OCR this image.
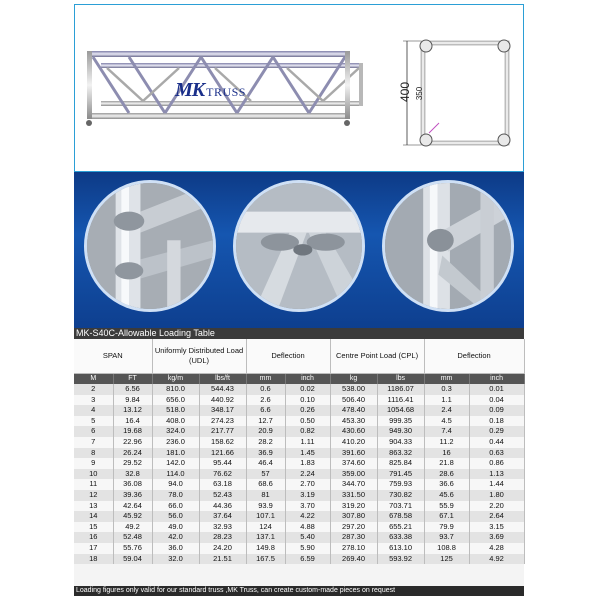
MK TRUSS	400 350
MK-S40C-Allowable Loading Table
SPAN		Uniformly Distributed Load (UDL)		Deflection		Centre Point Load (CPL)		Deflection	
M	FT	kg/m	lbs/ft	mm	inch	kg	lbs	mm	inch
2	6.56	810.0	544.43	0.6	0.02	538.00	1186.07	0.3	0.01
3	9.84	656.0	440.92	2.6	0.10	506.40	1116.41	1.1	0.04
4	13.12	518.0	348.17	6.6	0.26	478.40	1054.68	2.4	0.09
5	16.4	408.0	274.23	12.7	0.50	453.30	999.35	4.5	0.18
6	19.68	324.0	217.77	20.9	0.82	430.60	949.30	7.4	0.29
7	22.96	236.0	158.62	28.2	1.11	410.20	904.33	11.2	0.44
8	26.24	181.0	121.66	36.9	1.45	391.60	863.32	16	0.63
9	29.52	142.0	95.44	46.4	1.83	374.60	825.84	21.8	0.86
10	32.8	114.0	76.62	57	2.24	359.00	791.45	28.6	1.13
11	36.08	94.0	63.18	68.6	2.70	344.70	759.93	36.6	1.44
12	39.36	78.0	52.43	81	3.19	331.50	730.82	45.6	1.80
13	42.64	66.0	44.36	93.9	3.70	319.20	703.71	55.9	2.20
14	45.92	56.0	37.64	107.1	4.22	307.80	678.58	67.1	2.64
15	49.2	49.0	32.93	124	4.88	297.20	655.21	79.9	3.15
16	52.48	42.0	28.23	137.1	5.40	287.30	633.38	93.7	3.69
17	55.76	36.0	24.20	149.8	5.90	278.10	613.10	108.8	4.28
18	59.04	32.0	21.51	167.5	6.59	269.40	593.92	125	4.92
Loading figures only valid for our standard truss ,MK Truss, can create custom-made pieces on request
